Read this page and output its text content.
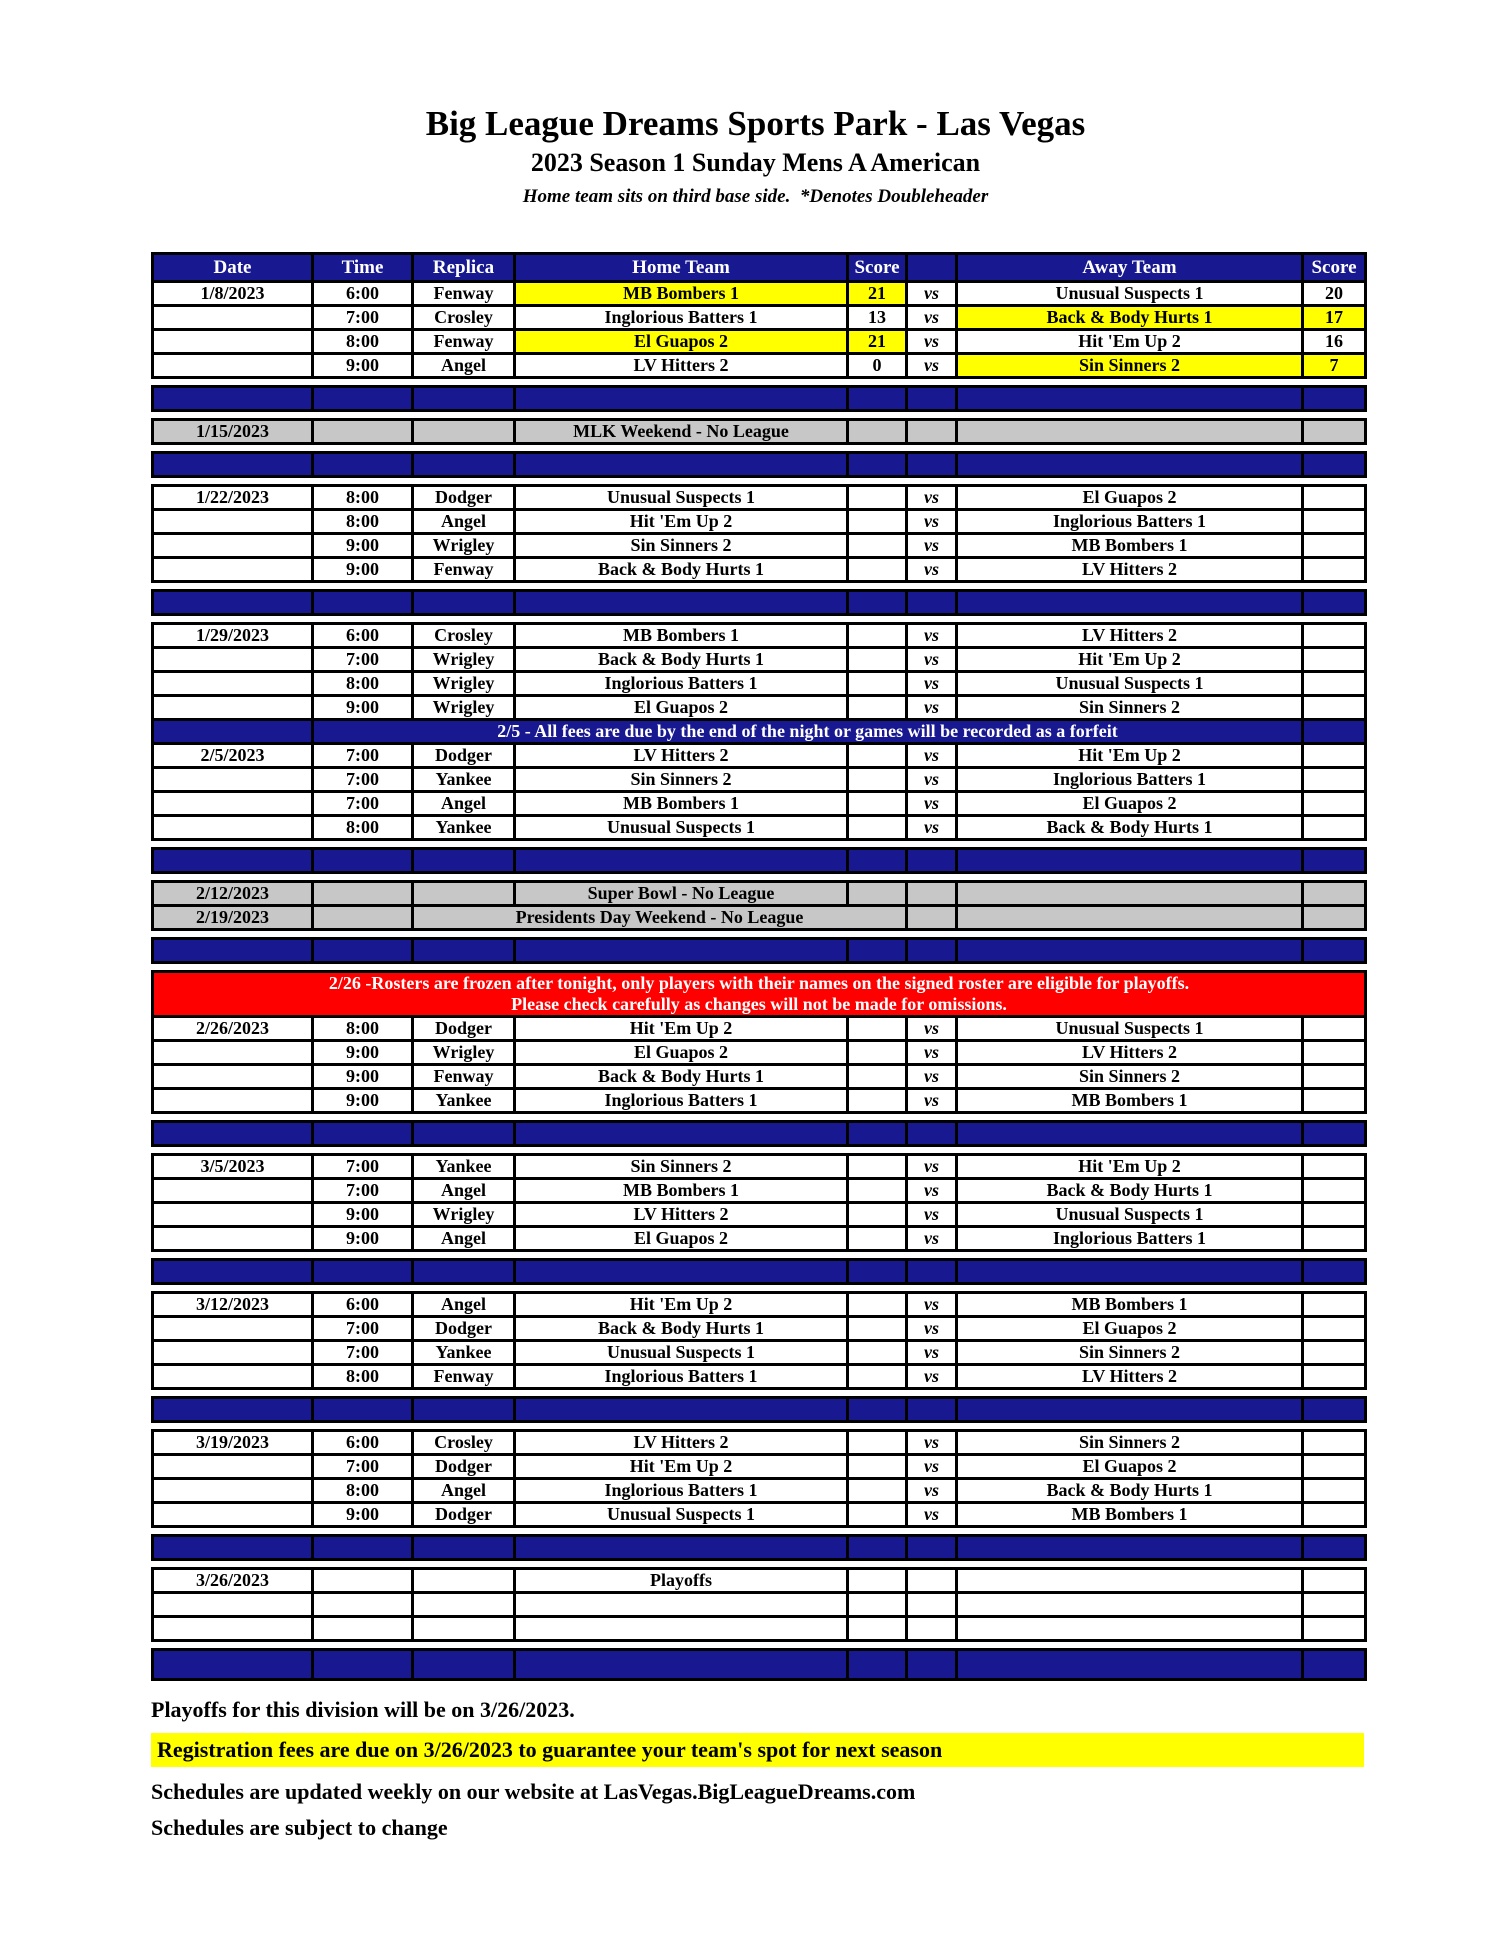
Big League Dreams Sports Park - Las Vegas
2023 Season 1 Sunday Mens A American
Home team sits on third base side.  *Denotes Doubleheader
Date	Time	Replica	Home Team	Score		Away Team	Score
1/8/2023	6:00	Fenway	MB Bombers 1	21	vs	Unusual Suspects 1	20
	7:00	Crosley	Inglorious Batters 1	13	vs	Back & Body Hurts 1	17
	8:00	Fenway	El Guapos 2	21	vs	Hit 'Em Up 2	16
	9:00	Angel	LV Hitters 2	0	vs	Sin Sinners 2	7

1/15/2023			MLK Weekend - No League				

1/22/2023	8:00	Dodger	Unusual Suspects 1		vs	El Guapos 2	
	8:00	Angel	Hit 'Em Up 2		vs	Inglorious Batters 1	
	9:00	Wrigley	Sin Sinners 2		vs	MB Bombers 1	
	9:00	Fenway	Back & Body Hurts 1		vs	LV Hitters 2	

1/29/2023	6:00	Crosley	MB Bombers 1		vs	LV Hitters 2	
	7:00	Wrigley	Back & Body Hurts 1		vs	Hit 'Em Up 2	
	8:00	Wrigley	Inglorious Batters 1		vs	Unusual Suspects 1	
	9:00	Wrigley	El Guapos 2		vs	Sin Sinners 2	
	2/5 - All fees are due by the end of the night or games will be recorded as a forfeit						
2/5/2023	7:00	Dodger	LV Hitters 2		vs	Hit 'Em Up 2	
	7:00	Yankee	Sin Sinners 2		vs	Inglorious Batters 1	
	7:00	Angel	MB Bombers 1		vs	El Guapos 2	
	8:00	Yankee	Unusual Suspects 1		vs	Back & Body Hurts 1	

2/12/2023			Super Bowl - No League				
2/19/2023		Presidents Day Weekend - No League					

2/26 -Rosters are frozen after tonight, only players with their names on the signed roster are eligible for playoffs.
Please check carefully as changes will not be made for omissions.							

2/26/2023	8:00	Dodger	Hit 'Em Up 2		vs	Unusual Suspects 1	
	9:00	Wrigley	El Guapos 2		vs	LV Hitters 2	
	9:00	Fenway	Back & Body Hurts 1		vs	Sin Sinners 2	
	9:00	Yankee	Inglorious Batters 1		vs	MB Bombers 1	

3/5/2023	7:00	Yankee	Sin Sinners 2		vs	Hit 'Em Up 2	
	7:00	Angel	MB Bombers 1		vs	Back & Body Hurts 1	
	9:00	Wrigley	LV Hitters 2		vs	Unusual Suspects 1	
	9:00	Angel	El Guapos 2		vs	Inglorious Batters 1	

3/12/2023	6:00	Angel	Hit 'Em Up 2		vs	MB Bombers 1	
	7:00	Dodger	Back & Body Hurts 1		vs	El Guapos 2	
	7:00	Yankee	Unusual Suspects 1		vs	Sin Sinners 2	
	8:00	Fenway	Inglorious Batters 1		vs	LV Hitters 2	

3/19/2023	6:00	Crosley	LV Hitters 2		vs	Sin Sinners 2	
	7:00	Dodger	Hit 'Em Up 2		vs	El Guapos 2	
	8:00	Angel	Inglorious Batters 1		vs	Back & Body Hurts 1	
	9:00	Dodger	Unusual Suspects 1		vs	MB Bombers 1	

3/26/2023			Playoffs				

Playoffs for this division will be on 3/26/2023.
Registration fees are due on 3/26/2023 to guarantee your team's spot for next season
Schedules are updated weekly on our website at LasVegas.BigLeagueDreams.com
Schedules are subject to change
